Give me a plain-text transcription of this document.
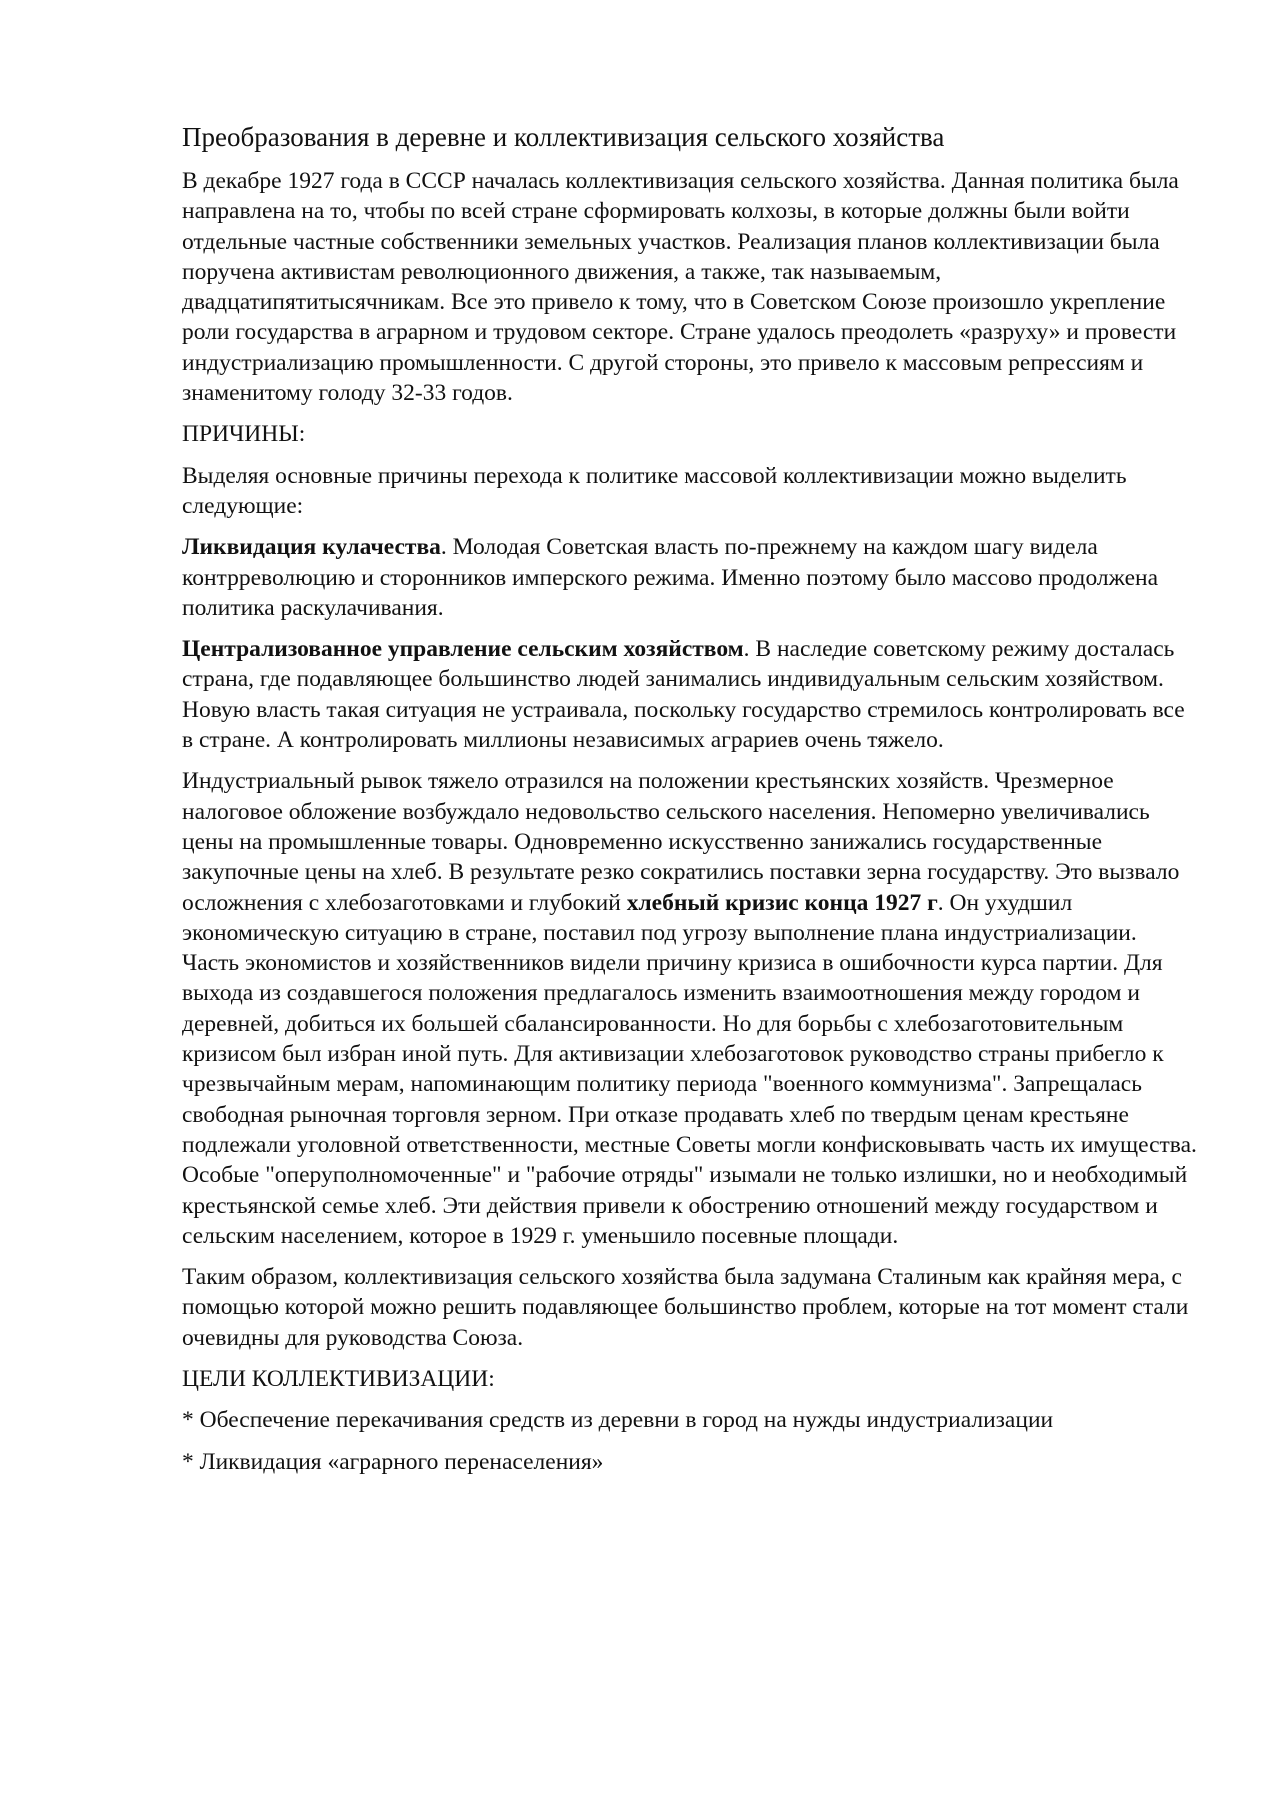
Преобразования в деревне и коллективизация сельского хозяйства

В декабре 1927 года в СССР началась коллективизация сельского хозяйства. Данная политика была направлена на то, чтобы по всей стране сформировать колхозы, в которые должны были войти отдельные частные собственники земельных участков. Реализация планов коллективизации была поручена активистам революционного движения, а также, так называемым, двадцатипятитысячникам. Все это привело к тому, что в Советском Союзе произошло укрепление роли государства в аграрном и трудовом секторе. Стране удалось преодолеть «разруху» и провести индустриализацию промышленности. С другой стороны, это привело к массовым репрессиям и знаменитому голоду 32-33 годов.

ПРИЧИНЫ:

Выделяя основные причины перехода к политике массовой коллективизации можно выделить следующие:

Ликвидация кулачества. Молодая Советская власть по-прежнему на каждом шагу видела контрреволюцию и сторонников имперского режима. Именно поэтому было массово продолжена политика раскулачивания.

Централизованное управление сельским хозяйством. В наследие советскому режиму досталась страна, где подавляющее большинство людей занимались индивидуальным сельским хозяйством. Новую власть такая ситуация не устраивала, поскольку государство стремилось контролировать все в стране. А контролировать миллионы независимых аграриев очень тяжело.

Индустриальный рывок тяжело отразился на положении крестьянских хозяйств. Чрезмерное налоговое обложение возбуждало недовольство сельского населения. Непомерно увеличивались цены на промышленные товары. Одновременно искусственно занижались государственные закупочные цены на хлеб. В результате резко сократились поставки зерна государству. Это вызвало осложнения с хлебозаготовками и глубокий хлебный кризис конца 1927 г. Он ухудшил экономическую ситуацию в стране, поставил под угрозу выполнение плана индустриализации. Часть экономистов и хозяйственников видели причину кризиса в ошибочности курса партии. Для выхода из создавшегося положения предлагалось изменить взаимоотношения между городом и деревней, добиться их большей сбалансированности. Но для борьбы с хлебозаготовительным кризисом был избран иной путь. Для активизации хлебозаготовок руководство страны прибегло к чрезвычайным мерам, напоминающим политику периода "военного коммунизма". Запрещалась свободная рыночная торговля зерном. При отказе продавать хлеб по твердым ценам крестьяне подлежали уголовной ответственности, местные Советы могли конфисковывать часть их имущества. Особые "оперуполномоченные" и "рабочие отряды" изымали не только излишки, но и необходимый крестьянской семье хлеб. Эти действия привели к обострению отношений между государством и сельским населением, которое в 1929 г. уменьшило посевные площади.

Таким образом, коллективизация сельского хозяйства была задумана Сталиным как крайняя мера, с помощью которой можно решить подавляющее большинство проблем, которые на тот момент стали очевидны для руководства Союза.

ЦЕЛИ КОЛЛЕКТИВИЗАЦИИ:

* Обеспечение перекачивания средств из деревни в город на нужды индустриализации

* Ликвидация «аграрного перенаселения»
